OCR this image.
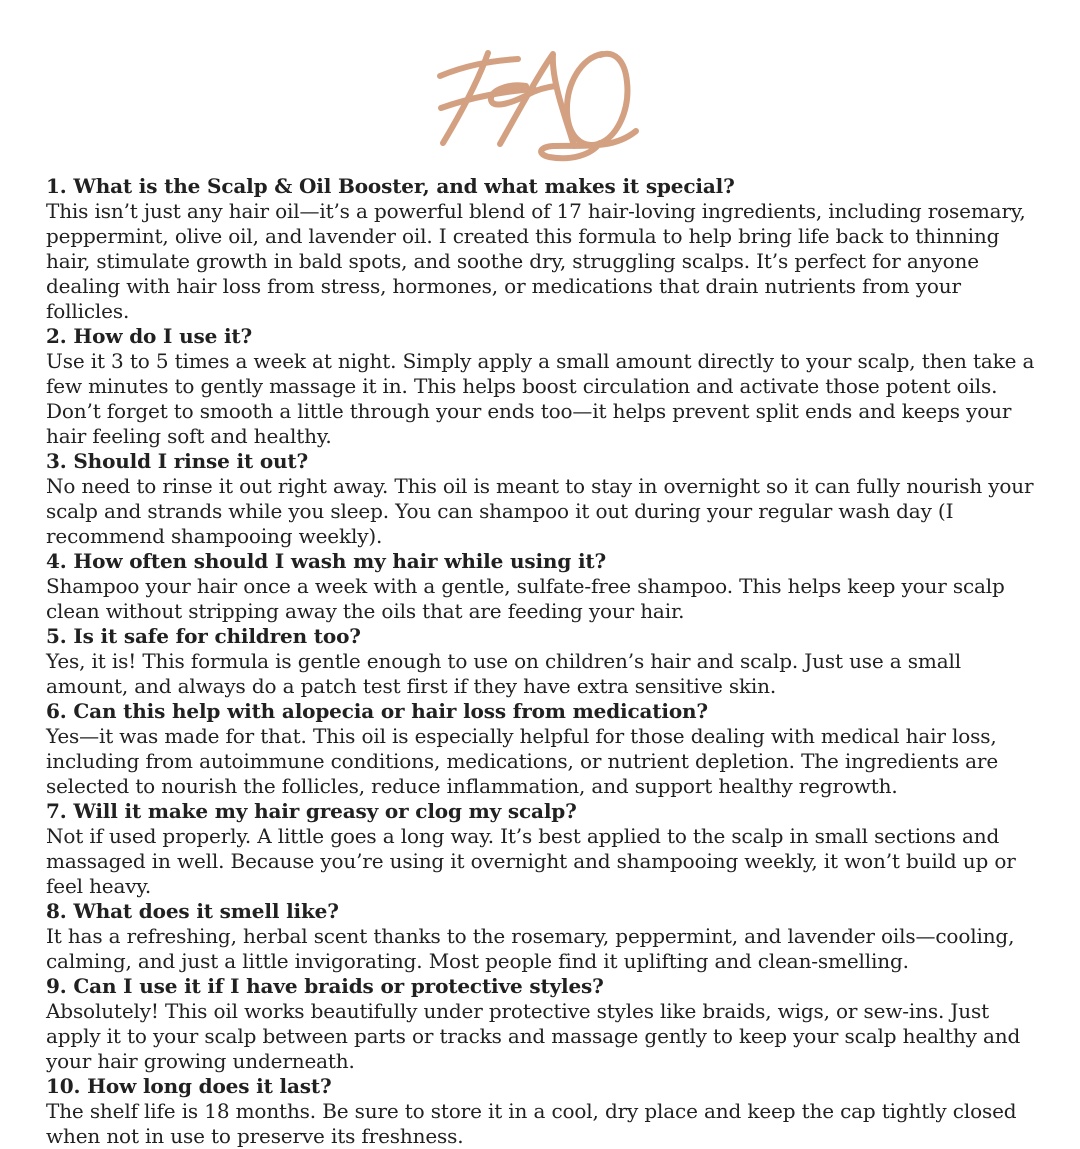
1. What is the Scalp & Oil Booster, and what makes it special?

This isn’t just any hair oil—it’s a powerful blend of 17 hair-loving ingredients, including rosemary, peppermint, olive oil, and lavender oil. I created this formula to help bring life back to thinning hair, stimulate growth in bald spots, and soothe dry, struggling scalps. It’s perfect for anyone dealing with hair loss from stress, hormones, or medications that drain nutrients from your follicles.

2. How do I use it?

Use it 3 to 5 times a week at night. Simply apply a small amount directly to your scalp, then take a few minutes to gently massage it in. This helps boost circulation and activate those potent oils. Don’t forget to smooth a little through your ends too—it helps prevent split ends and keeps your hair feeling soft and healthy.

3. Should I rinse it out?

No need to rinse it out right away. This oil is meant to stay in overnight so it can fully nourish your scalp and strands while you sleep. You can shampoo it out during your regular wash day (I recommend shampooing weekly).

4. How often should I wash my hair while using it?

Shampoo your hair once a week with a gentle, sulfate-free shampoo. This helps keep your scalp clean without stripping away the oils that are feeding your hair.

5. Is it safe for children too?

Yes, it is! This formula is gentle enough to use on children’s hair and scalp. Just use a small amount, and always do a patch test first if they have extra sensitive skin.

6. Can this help with alopecia or hair loss from medication?

Yes—it was made for that. This oil is especially helpful for those dealing with medical hair loss, including from autoimmune conditions, medications, or nutrient depletion. The ingredients are selected to nourish the follicles, reduce inflammation, and support healthy regrowth.

7. Will it make my hair greasy or clog my scalp?

Not if used properly. A little goes a long way. It’s best applied to the scalp in small sections and massaged in well. Because you’re using it overnight and shampooing weekly, it won’t build up or feel heavy.

8. What does it smell like?

It has a refreshing, herbal scent thanks to the rosemary, peppermint, and lavender oils—cooling, calming, and just a little invigorating. Most people find it uplifting and clean-smelling.

9. Can I use it if I have braids or protective styles?

Absolutely! This oil works beautifully under protective styles like braids, wigs, or sew-ins. Just apply it to your scalp between parts or tracks and massage gently to keep your scalp healthy and your hair growing underneath.

10. How long does it last?

The shelf life is 18 months. Be sure to store it in a cool, dry place and keep the cap tightly closed when not in use to preserve its freshness.
